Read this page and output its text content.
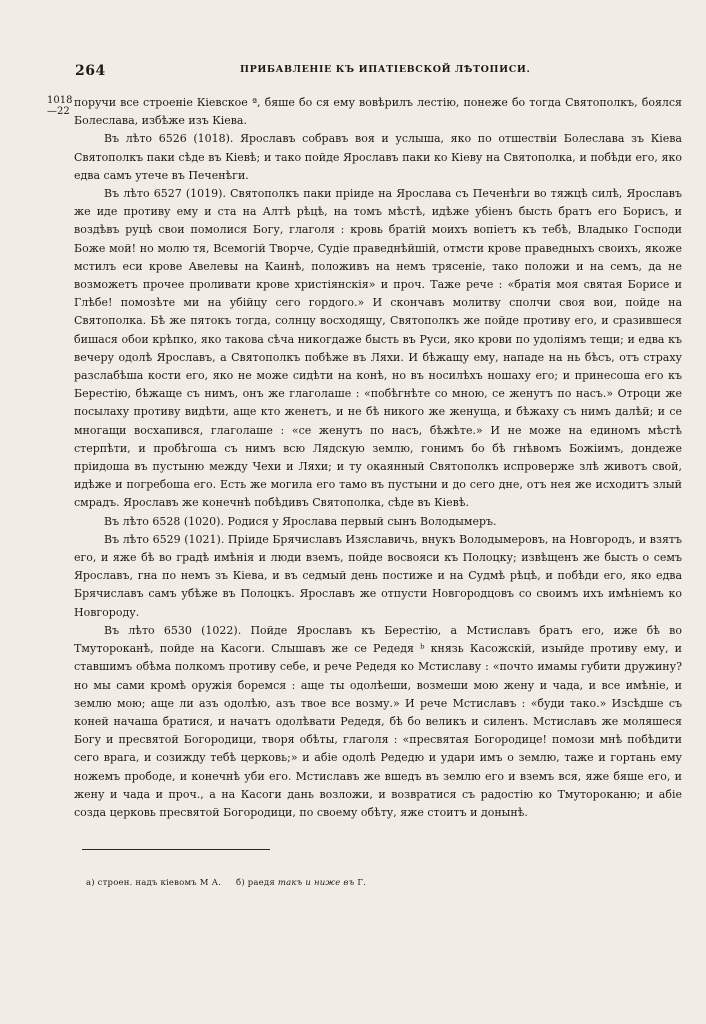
264	ПРИБАВЛЕНІЕ КЪ ИПАТІЕВСКОЙ ЛѢТОПИСИ.
1018
—22

поручи все строеніе Кіевское ª, бяше бо ся ему вовѣрилъ лестію, понеже бо тогда Святополкъ, боялся Болеслава, избѣже изъ Кіева.

Въ лѣто 6526 (1018). Ярославъ собравъ воя и услыша, яко по отшествіи Болеслава зъ Кіева Святополкъ паки сѣде въ Кіевѣ; и тако пойде Ярославъ паки ко Кіеву на Святополка, и побѣди его, яко едва самъ утече въ Печенѣги.

Въ лѣто 6527 (1019). Святополкъ паки пріиде на Ярослава съ Печенѣги во тяжцѣ силѣ, Ярославъ же иде противу ему и ста на Алтѣ рѣцѣ, на томъ мѣстѣ, идѣже убіенъ бысть братъ его Борисъ, и воздѣвъ руцѣ свои помолися Богу, глаголя : кровь братій моихъ вопіетъ къ тебѣ, Владыко Господи Боже мой! но молю тя, Всемогій Творче, Судіе праведнѣйшій, отмсти крове праведныхъ своихъ, якоже мстилъ еси крове Авелевы на Каинѣ, положивъ на немъ трясеніе, тако положи и на семъ, да не возможетъ прочее проливати крове христіянскія» и проч. Таже рече : «братія моя святая Борисе и Глѣбе! помозѣте ми на убійцу сего гордого.» И скончавъ молитву сполчи своя вои, пойде на Святополка. Бѣ же пятокъ тогда, солнцу восходящу, Святополкъ же пойде противу его, и сразившеся бишася обои крѣпко, яко такова сѣча никогдаже бысть въ Руси, яко крови по удолiямъ тещи; и едва къ вечеру одолѣ Ярославъ, а Святополкъ побѣже въ Ляхи. И бѣжащу ему, нападе на нь бѣсъ, отъ страху разслабѣша кости его, яко не можe сидѣти на конѣ, но въ носилѣхъ ношаху его; и принесоша его къ Берестію, бѣжаще съ нимъ, онъ же глаголаше : «побѣгнѣте со мною, се женутъ по насъ.» Отроци же посылаху противу видѣти, аще кто женетъ, и не бѣ никого же женуща, и бѣжаху съ нимъ далѣй; и се многащи восхапився, глаголаше : «се женутъ по насъ, бѣжѣте.» И не може на единомъ мѣстѣ стерпѣти, и пробѣгоша съ нимъ всю Лядскую землю, гонимъ бо бѣ гнѣвомъ Божіимъ, дондеже пріидоша въ пустыню между Чехи и Ляхи; и ту окаянный Святополкъ испровержe злѣ животъ свой, идѣже и погребоша его. Есть же могила его тамо въ пустыни и до сего дне, отъ нея же исходитъ злый смрадъ. Ярославъ же конечнѣ побѣдивъ Святополка, сѣде въ Кіевѣ.

Въ лѣто 6528 (1020). Родися у Ярослава первый сынъ Володымеръ.

Въ лѣто 6529 (1021). Пріиде Брячиславъ Изяславичь, внукъ Володымеровъ, на Новгородъ, и взятъ его, и яже бѣ во градѣ имѣнія и люди вземъ, пойде восвояси къ Полоцку; извѣщенъ же бысть о семъ Ярославъ, гна по немъ зъ Кіева, и въ седмый день постиже и на Судмѣ рѣцѣ, и побѣди его, яко едва Брячиславъ самъ убѣже въ Полоцкъ. Ярославъ же отпусти Новгородцовъ со своимъ ихъ имѣніемъ ко Новгороду.

Въ лѣто 6530 (1022). Пойде Ярославъ къ Берестію, а Мстиславъ братъ его, иже бѣ во Тмутороканѣ, пойде на Касоги. Слышавъ же се Редедя ᵇ князь Касожскій, изыйде противу ему, и ставшимъ обѣма полкомъ противу себе, и рече Редедя ко Мстиславу : «почто имамы губити дружину? но мы сами кромѣ оружія боремся : аще ты одолѣеши, возмеши мою жену и чада, и все имѣніе, и землю мою; аще ли азъ одолѣю, азъ твое все возму.» И рече Мстиславъ : «буди тако.» Изсѣдше съ коней начаша братися, и начатъ одолѣвати Редедя, бѣ бо великъ и силенъ. Мстиславъ же моляшеся Богу и пресвятой Богородици, творя обѣты, глаголя : «пресвятая Богородице! помози мнѣ побѣдити сего врага, и созижду тебѣ церковь;» и абіе одолѣ Редедю и удари имъ о землю, таже и гортань ему ножемъ прободе, и конечнѣ уби его. Мстиславъ же вшедъ въ землю его и вземъ вся, яже бяше его, и жену и чада и проч., а на Касоги дань возложи, и возвратися съ радостію ко Тмутороканю; и абіе созда церковь пресвятой Богородици, по своему обѣту, яже стоитъ и донынѣ.

а) строен. надъ кіевомъ М А. б) раедя такъ и ниже въ Г.
